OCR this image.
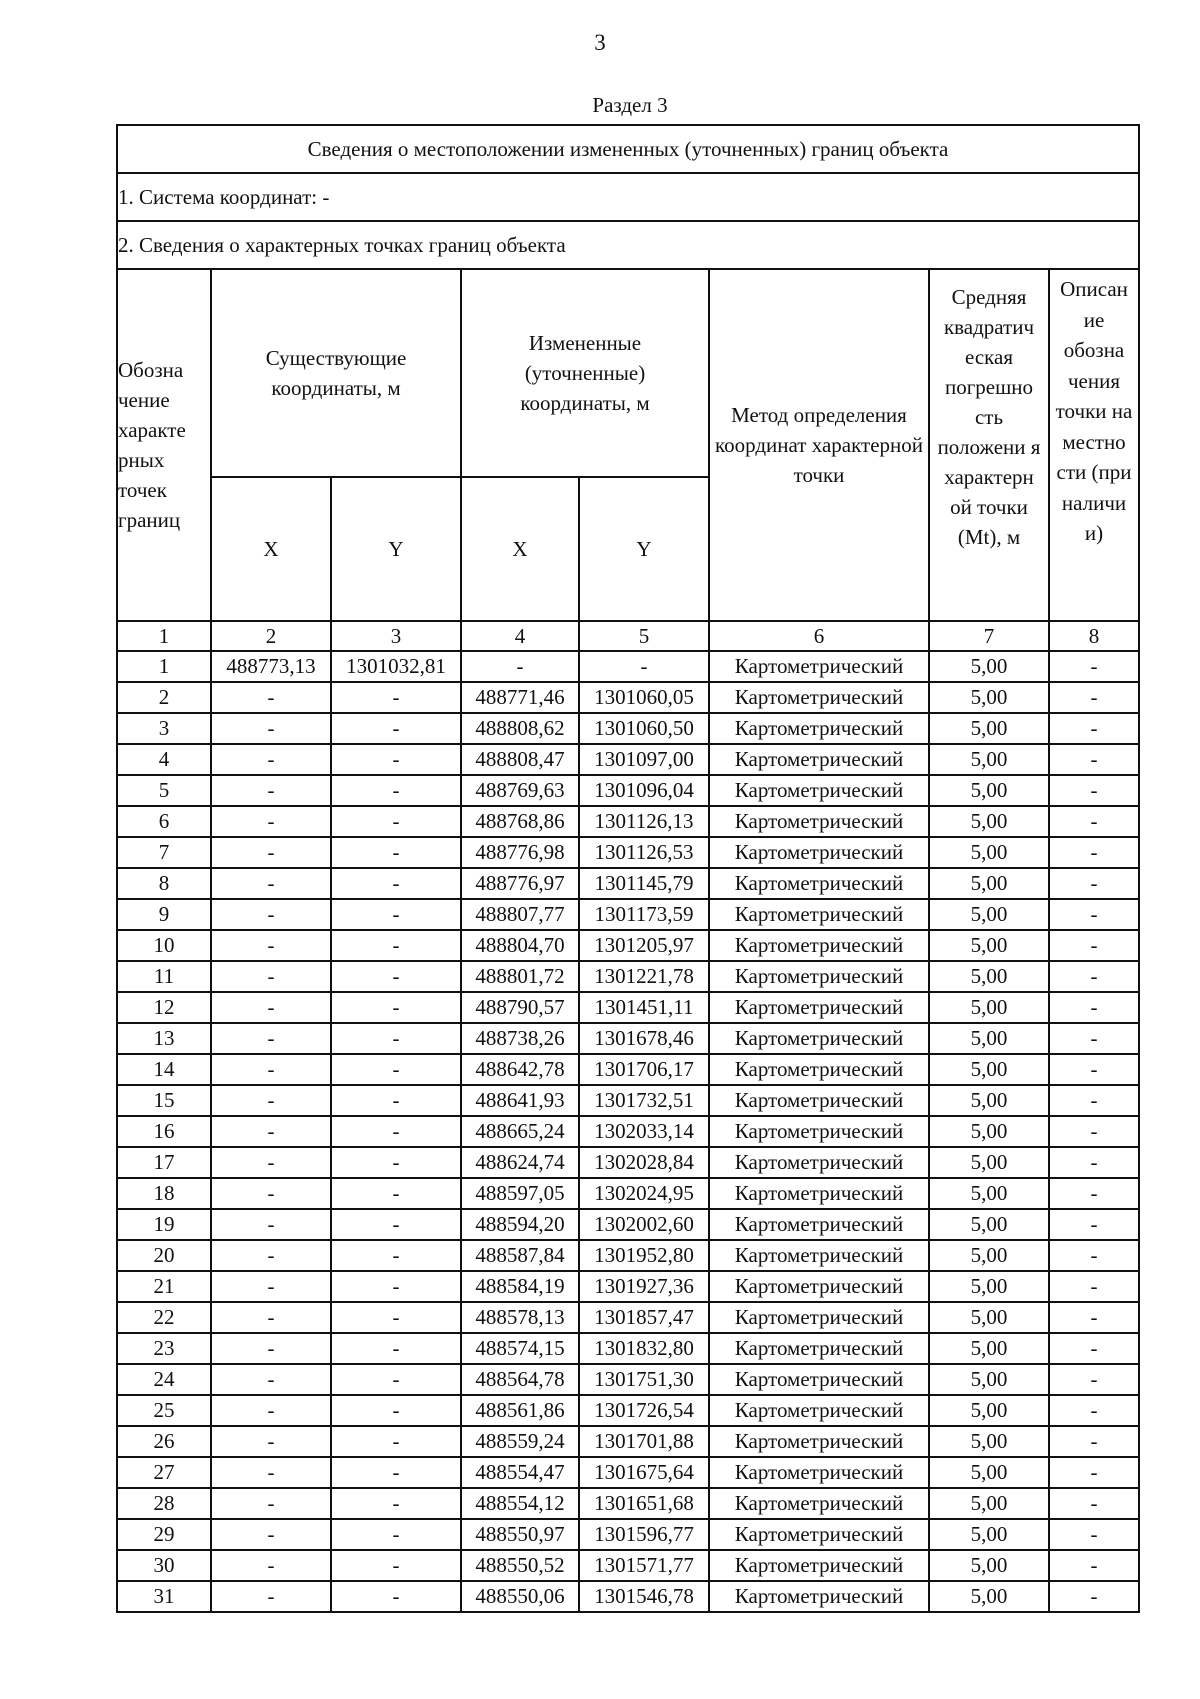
3
Раздел 3
Сведения о местоположении измененных (уточненных) границ объекта							
1. Система координат: -							
2. Сведения о характерных точках границ объекта							
Обозна чение характе рных точек границ	Существующие координаты, м		Измененные (уточненные) координаты, м		Метод определения координат характерной точки	Средняя квадратич еская погрешно сть положени я характерн ой точки (Mt), м	Описан ие обозна чения точки на местно сти (при наличи и)

	X	Y	X	Y			
1	2	3	4	5	6	7	8
1	488773,13	1301032,81	-	-	Картометрический	5,00	-
2	-	-	488771,46	1301060,05	Картометрический	5,00	-
3	-	-	488808,62	1301060,50	Картометрический	5,00	-
4	-	-	488808,47	1301097,00	Картометрический	5,00	-
5	-	-	488769,63	1301096,04	Картометрический	5,00	-
6	-	-	488768,86	1301126,13	Картометрический	5,00	-
7	-	-	488776,98	1301126,53	Картометрический	5,00	-
8	-	-	488776,97	1301145,79	Картометрический	5,00	-
9	-	-	488807,77	1301173,59	Картометрический	5,00	-
10	-	-	488804,70	1301205,97	Картометрический	5,00	-
11	-	-	488801,72	1301221,78	Картометрический	5,00	-
12	-	-	488790,57	1301451,11	Картометрический	5,00	-
13	-	-	488738,26	1301678,46	Картометрический	5,00	-
14	-	-	488642,78	1301706,17	Картометрический	5,00	-
15	-	-	488641,93	1301732,51	Картометрический	5,00	-
16	-	-	488665,24	1302033,14	Картометрический	5,00	-
17	-	-	488624,74	1302028,84	Картометрический	5,00	-
18	-	-	488597,05	1302024,95	Картометрический	5,00	-
19	-	-	488594,20	1302002,60	Картометрический	5,00	-
20	-	-	488587,84	1301952,80	Картометрический	5,00	-
21	-	-	488584,19	1301927,36	Картометрический	5,00	-
22	-	-	488578,13	1301857,47	Картометрический	5,00	-
23	-	-	488574,15	1301832,80	Картометрический	5,00	-
24	-	-	488564,78	1301751,30	Картометрический	5,00	-
25	-	-	488561,86	1301726,54	Картометрический	5,00	-
26	-	-	488559,24	1301701,88	Картометрический	5,00	-
27	-	-	488554,47	1301675,64	Картометрический	5,00	-
28	-	-	488554,12	1301651,68	Картометрический	5,00	-
29	-	-	488550,97	1301596,77	Картометрический	5,00	-
30	-	-	488550,52	1301571,77	Картометрический	5,00	-
31	-	-	488550,06	1301546,78	Картометрический	5,00	-
